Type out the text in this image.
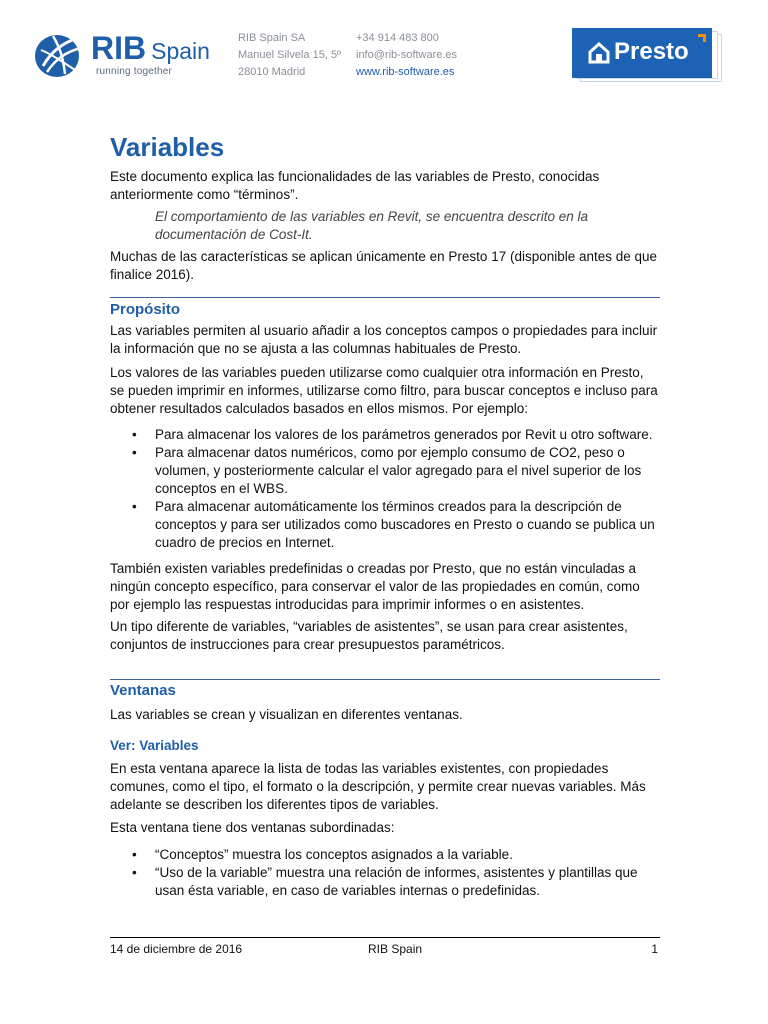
RIB Spain
running together
RIB Spain SA
Manuel Silvela 15, 5º
28010 Madrid
+34 914 483 800
info@rib-software.es
www.rib-software.es
Presto
Variables

Este documento explica las funcionalidades de las variables de Presto, conocidas anteriormente como “términos”.

El comportamiento de las variables en Revit, se encuentra descrito en la documentación de Cost-It.

Muchas de las características se aplican únicamente en Presto 17 (disponible antes de que finalice 2016).

Propósito

Las variables permiten al usuario añadir a los conceptos campos o propiedades para incluir la información que no se ajusta a las columnas habituales de Presto.

Los valores de las variables pueden utilizarse como cualquier otra información en Presto, se pueden imprimir en informes, utilizarse como filtro, para buscar conceptos e incluso para obtener resultados calculados basados en ellos mismos. Por ejemplo:

• Para almacenar los valores de los parámetros generados por Revit u otro software.
• Para almacenar datos numéricos, como por ejemplo consumo de CO2, peso o volumen, y posteriormente calcular el valor agregado para el nivel superior de los conceptos en el WBS.
• Para almacenar automáticamente los términos creados para la descripción de conceptos y para ser utilizados como buscadores en Presto o cuando se publica un cuadro de precios en Internet.

También existen variables predefinidas o creadas por Presto, que no están vinculadas a ningún concepto específico, para conservar el valor de las propiedades en común, como por ejemplo las respuestas introducidas para imprimir informes o en asistentes.

Un tipo diferente de variables, “variables de asistentes”, se usan para crear asistentes, conjuntos de instrucciones para crear presupuestos paramétricos.

Ventanas

Las variables se crean y visualizan en diferentes ventanas.

Ver: Variables

En esta ventana aparece la lista de todas las variables existentes, con propiedades comunes, como el tipo, el formato o la descripción, y permite crear nuevas variables. Más adelante se describen los diferentes tipos de variables.

Esta ventana tiene dos ventanas subordinadas:

• “Conceptos” muestra los conceptos asignados a la variable.
• “Uso de la variable” muestra una relación de informes, asistentes y plantillas que usan ésta variable, en caso de variables internas o predefinidas.
14 de diciembre de 2016	RIB Spain	1
